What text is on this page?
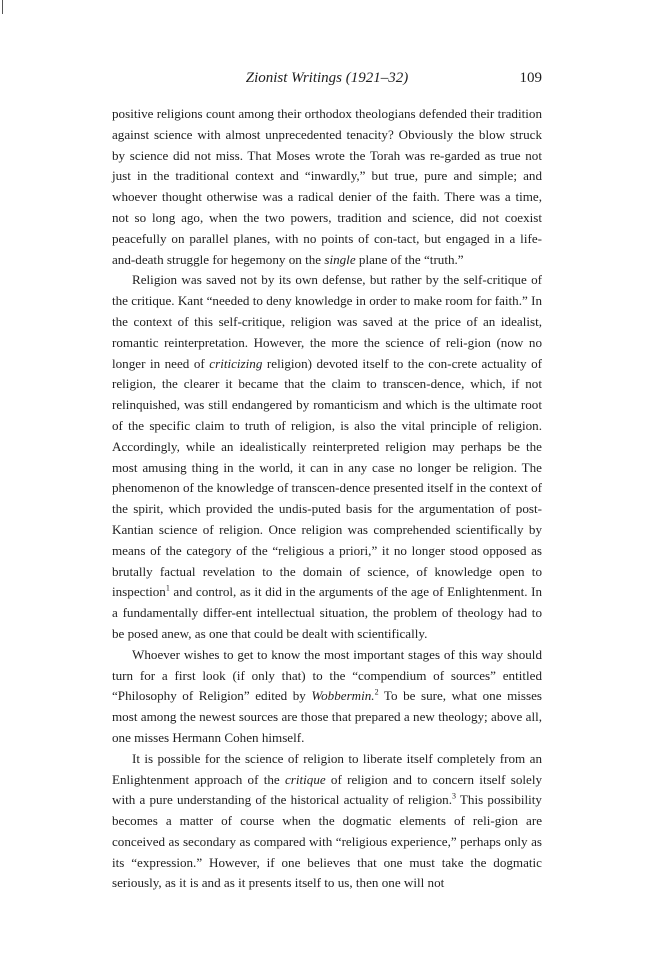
Zionist Writings (1921–32)	109

positive religions count among their orthodox theologians defended their tradition against science with almost unprecedented tenacity? Obviously the blow struck by science did not miss. That Moses wrote the Torah was re-garded as true not just in the traditional context and “inwardly,” but true, pure and simple; and whoever thought otherwise was a radical denier of the faith. There was a time, not so long ago, when the two powers, tradition and science, did not coexist peacefully on parallel planes, with no points of con-tact, but engaged in a life-and-death struggle for hegemony on the single plane of the “truth.”

Religion was saved not by its own defense, but rather by the self-critique of the critique. Kant “needed to deny knowledge in order to make room for faith.” In the context of this self-critique, religion was saved at the price of an idealist, romantic reinterpretation. However, the more the science of reli-gion (now no longer in need of criticizing religion) devoted itself to the con-crete actuality of religion, the clearer it became that the claim to transcen-dence, which, if not relinquished, was still endangered by romanticism and which is the ultimate root of the specific claim to truth of religion, is also the vital principle of religion. Accordingly, while an idealistically reinterpreted religion may perhaps be the most amusing thing in the world, it can in any case no longer be religion. The phenomenon of the knowledge of transcen-dence presented itself in the context of the spirit, which provided the undis-puted basis for the argumentation of post-Kantian science of religion. Once religion was comprehended scientifically by means of the category of the “religious a priori,” it no longer stood opposed as brutally factual revelation to the domain of science, of knowledge open to inspection$^1$ and control, as it did in the arguments of the age of Enlightenment. In a fundamentally differ-ent intellectual situation, the problem of theology had to be posed anew, as one that could be dealt with scientifically.

Whoever wishes to get to know the most important stages of this way should turn for a first look (if only that) to the “compendium of sources” entitled “Philosophy of Religion” edited by Wobbermin.$^2$ To be sure, what one misses most among the newest sources are those that prepared a new theology; above all, one misses Hermann Cohen himself.

It is possible for the science of religion to liberate itself completely from an Enlightenment approach of the critique of religion and to concern itself solely with a pure understanding of the historical actuality of religion.$^3$ This possibility becomes a matter of course when the dogmatic elements of reli-gion are conceived as secondary as compared with “religious experience,” perhaps only as its “expression.” However, if one believes that one must take the dogmatic seriously, as it is and as it presents itself to us, then one will not
